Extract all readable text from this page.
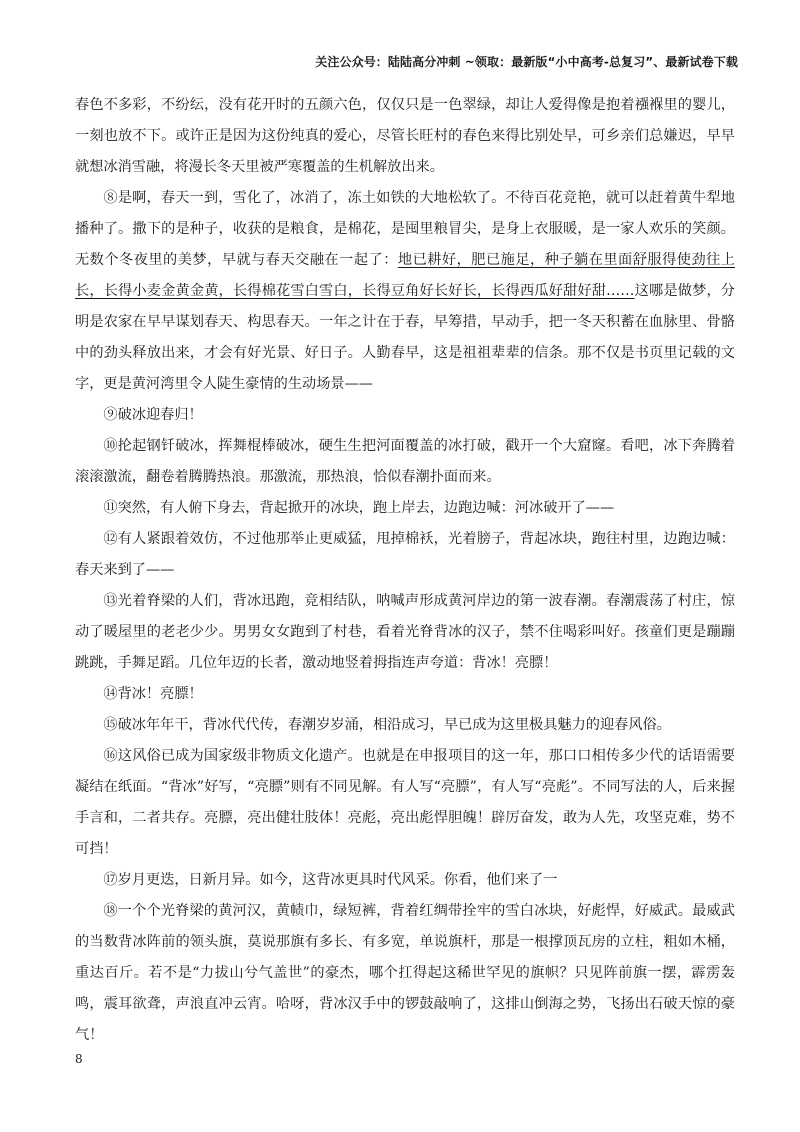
关注公众号：陆陆高分冲刺 ~领取：最新版“小中高考-总复习”、最新试卷下载

春色不多彩，不纷纭，没有花开时的五颜六色，仅仅只是一色翠绿，却让人爱得像是抱着襁褓里的婴儿，一刻也放不下。或许正是因为这份纯真的爱心，尽管长旺村的春色来得比别处早，可乡亲们总嫌迟，早早就想冰消雪融，将漫长冬天里被严寒覆盖的生机解放出来。

⑧是啊，春天一到，雪化了，冰消了，冻土如铁的大地松软了。不待百花竞艳，就可以赶着黄牛犁地播种了。撒下的是种子，收获的是粮食，是棉花，是囤里粮冒尖，是身上衣服暖，是一家人欢乐的笑颜。无数个冬夜里的美梦，早就与春天交融在一起了：地已耕好，肥已施足，种子躺在里面舒服得使劲往上长，长得小麦金黄金黄，长得棉花雪白雪白，长得豆角好长好长，长得西瓜好甜好甜……这哪是做梦，分明是农家在早早谋划春天、构思春天。一年之计在于春，早筹措，早动手，把一冬天积蓄在血脉里、骨骼中的劲头释放出来，才会有好光景、好日子。人勤春早，这是祖祖辈辈的信条。那不仅是书页里记载的文字，更是黄河湾里令人陡生豪情的生动场景——

⑨破冰迎春归！

⑩抡起钢钎破冰，挥舞棍棒破冰，硬生生把河面覆盖的冰打破，戳开一个大窟窿。看吧，冰下奔腾着滚滚激流，翻卷着腾腾热浪。那激流，那热浪，恰似春潮扑面而来。

⑪突然，有人俯下身去，背起掀开的冰块，跑上岸去，边跑边喊：河冰破开了——

⑫有人紧跟着效仿，不过他那举止更威猛，甩掉棉袄，光着膀子，背起冰块，跑往村里，边跑边喊：春天来到了——

⑬光着脊梁的人们，背冰迅跑，竞相结队，呐喊声形成黄河岸边的第一波春潮。春潮震荡了村庄，惊动了暖屋里的老老少少。男男女女跑到了村巷，看着光脊背冰的汉子，禁不住喝彩叫好。孩童们更是蹦蹦跳跳，手舞足蹈。几位年迈的长者，激动地竖着拇指连声夸道：背冰！亮膘！

⑭背冰！亮膘！

⑮破冰年年干，背冰代代传，春潮岁岁涌，相沿成习，早已成为这里极具魅力的迎春风俗。

⑯这风俗已成为国家级非物质文化遗产。也就是在申报项目的这一年，那口口相传多少代的话语需要凝结在纸面。“背冰”好写，“亮膘”则有不同见解。有人写“亮膘”，有人写“亮彪”。不同写法的人，后来握手言和，二者共存。亮膘，亮出健壮肢体！亮彪，亮出彪悍胆魄！辟厉奋发，敢为人先，攻坚克难，势不可挡！

⑰岁月更迭，日新月异。如今，这背冰更具时代风采。你看，他们来了一

⑱一个个光脊梁的黄河汉，黄帻巾，绿短裤，背着红绸带拴牢的雪白冰块，好彪悍，好威武。最威武的当数背冰阵前的领头旗，莫说那旗有多长、有多宽，单说旗杆，那是一根撑顶瓦房的立柱，粗如木桶，重达百斤。若不是“力拔山兮气盖世”的豪杰，哪个扛得起这稀世罕见的旗帜？只见阵前旗一摆，霹雳轰鸣，震耳欲聋，声浪直冲云宵。哈呀，背冰汉手中的锣鼓敲响了，这排山倒海之势，飞扬出石破天惊的豪气！

8
